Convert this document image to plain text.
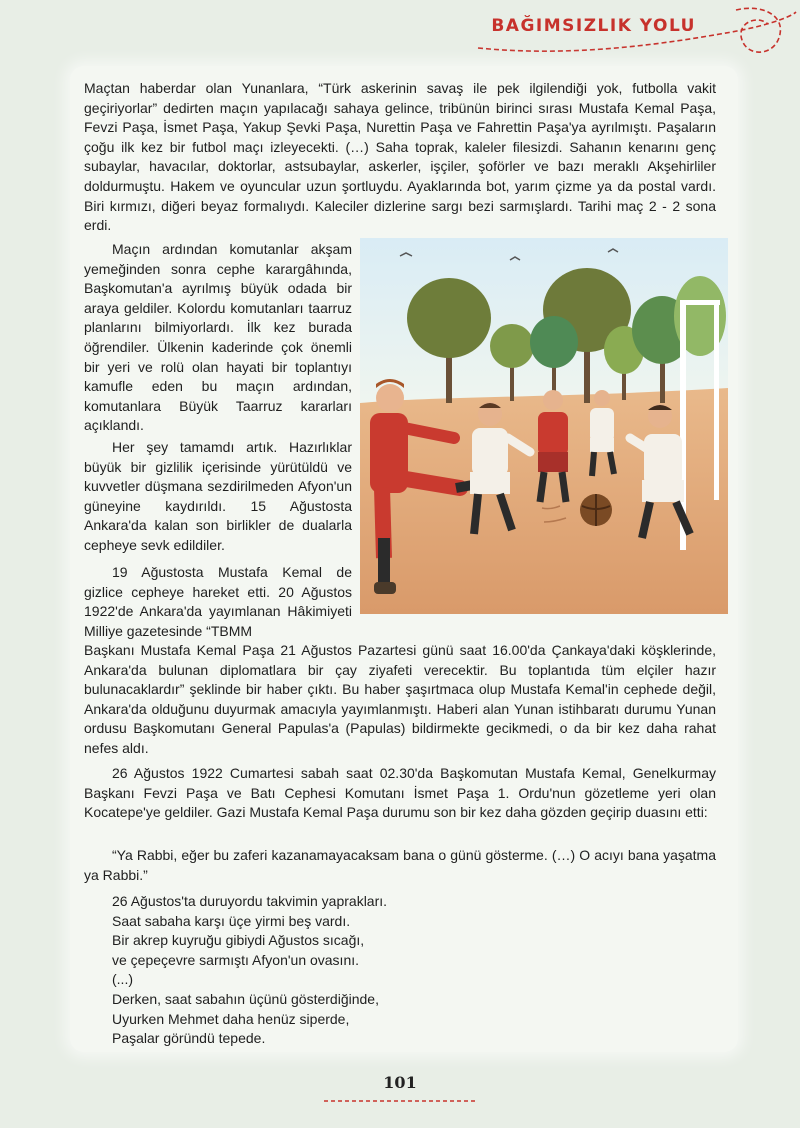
BAĞIMSIZLIK YOLU

Maçtan haberdar olan Yunanlara, “Türk askerinin savaş ile pek ilgilendiği yok, futbolla vakit geçiriyorlar” dedirten maçın yapılacağı sahaya gelince, tribünün birinci sırası Mustafa Kemal Paşa, Fevzi Paşa, İsmet Paşa, Yakup Şevki Paşa, Nurettin Paşa ve Fahrettin Paşa'ya ayrılmıştı. Paşaların çoğu ilk kez bir futbol maçı izleyecekti. (…) Saha toprak, kaleler filesizdi. Sahanın kenarını genç subaylar, havacılar, doktorlar, astsubaylar, askerler, işçiler, şoförler ve bazı meraklı Akşehirliler doldurmuştu. Hakem ve oyuncular uzun şortluydu. Ayaklarında bot, yarım çizme ya da postal vardı. Biri kırmızı, diğeri beyaz formalıydı. Kaleciler dizlerine sargı bezi sarmışlardı. Tarihi maç 2 - 2 sona erdi.

Maçın ardından komutanlar akşam yemeğinden sonra cephe karargâhında, Başkomutan'a ayrılmış büyük odada bir araya geldiler. Kolordu komutanları taarruz planlarını bilmiyorlardı. İlk kez burada öğrendiler. Ülkenin kaderinde çok önemli bir yeri ve rolü olan hayati bir toplantıyı kamufle eden bu maçın ardından, komutanlara Büyük Taarruz kararları açıklandı.

Her şey tamamdı artık. Hazırlıklar büyük bir gizlilik içerisinde yürütüldü ve kuvvetler düşmana sezdirilmeden Afyon'un güneyine kaydırıldı. 15 Ağustosta Ankara'da kalan son birlikler de dualarla cepheye sevk edildiler.

19 Ağustosta Mustafa Kemal de gizlice cepheye hareket etti. 20 Ağustos 1922'de Ankara'da yayımlanan Hâkimiyeti Milliye gazetesinde “TBMM

Başkanı Mustafa Kemal Paşa 21 Ağustos Pazartesi günü saat 16.00'da Çankaya'daki köşklerinde, Ankara'da bulunan diplomatlara bir çay ziyafeti verecektir. Bu toplantıda tüm elçiler hazır bulunacaklardır” şeklinde bir haber çıktı. Bu haber şaşırtmaca olup Mustafa Kemal'in cephede değil, Ankara'da olduğunu duyurmak amacıyla yayımlanmıştı. Haberi alan Yunan istihbaratı durumu Yunan ordusu Başkomutanı General Papulas'a (Papulas) bildirmekte gecikmedi, o da bir kez daha rahat nefes aldı.

26 Ağustos 1922 Cumartesi sabah saat 02.30'da Başkomutan Mustafa Kemal, Genelkurmay Başkanı Fevzi Paşa ve Batı Cephesi Komutanı İsmet Paşa 1. Ordu'nun gözetleme yeri olan Kocatepe'ye geldiler. Gazi Mustafa Kemal Paşa durumu son bir kez daha gözden geçirip duasını etti:

“Ya Rabbi, eğer bu zaferi kazanamayacaksam bana o günü gösterme. (…) O acıyı bana yaşatma ya Rabbi.”

26 Ağustos'ta duruyordu takvimin yaprakları.
Saat sabaha karşı üçe yirmi beş vardı.
Bir akrep kuyruğu gibiydi Ağustos sıcağı,
ve çepeçevre sarmıştı Afyon'un ovasını.
(...)
Derken, saat sabahın üçünü gösterdiğinde,
Uyurken Mehmet daha henüz siperde,
Paşalar göründü tepede.
101
